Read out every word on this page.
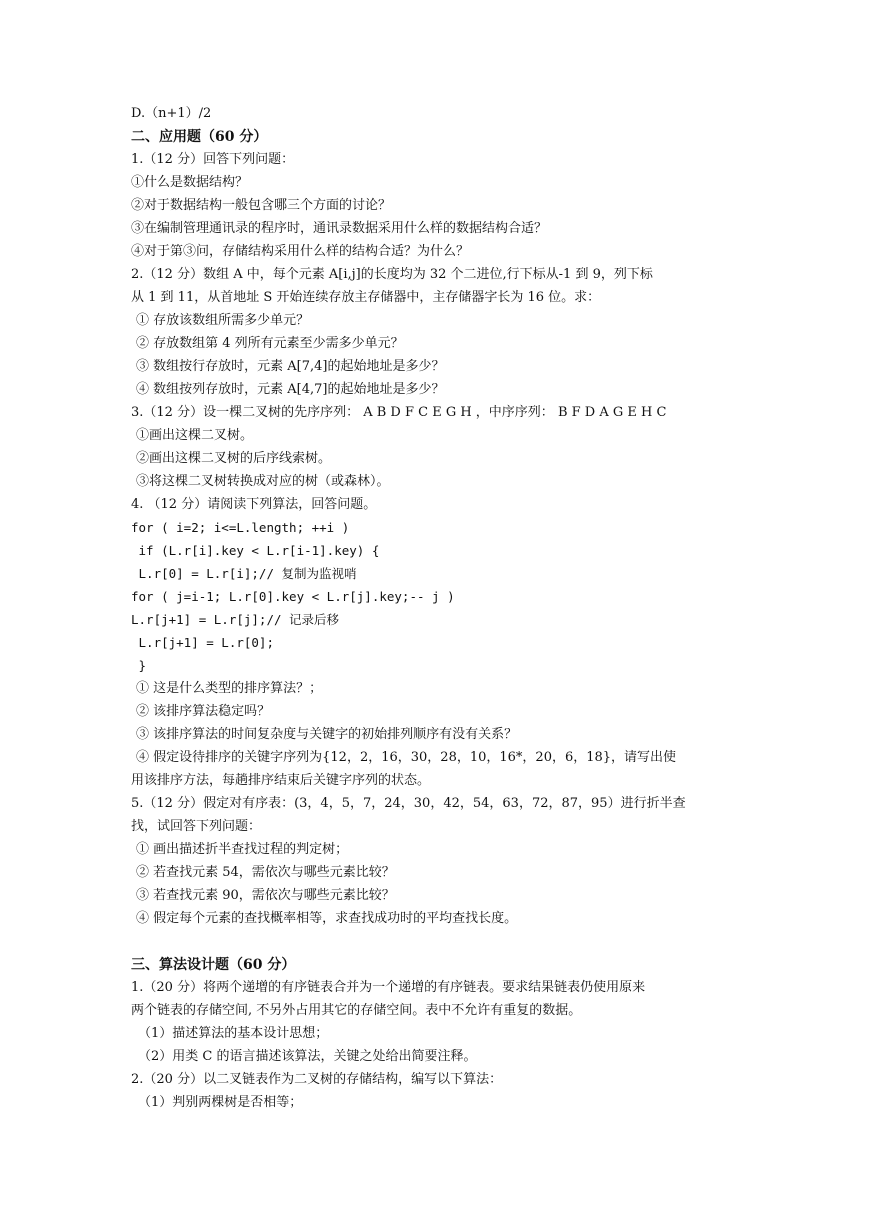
D.（n+1）/2
二、应用题（60 分）
1.（12 分）回答下列问题：
①什么是数据结构？
②对于数据结构一般包含哪三个方面的讨论？
③在编制管理通讯录的程序时，通讯录数据采用什么样的数据结构合适？
④对于第③问，存储结构采用什么样的结构合适？为什么？
2.（12 分）数组 A 中，每个元素 A[i,j]的长度均为 32 个二进位,行下标从-1 到 9，列下标
从 1 到 11，从首地址 S 开始连续存放主存储器中，主存储器字长为 16 位。求：
① 存放该数组所需多少单元？
② 存放数组第 4 列所有元素至少需多少单元？
③ 数组按行存放时，元素 A[7,4]的起始地址是多少？
④ 数组按列存放时，元素 A[4,7]的起始地址是多少？
3.（12 分）设一棵二叉树的先序序列： A B D F C E G H ，中序序列： B F D A G E H C
①画出这棵二叉树。
②画出这棵二叉树的后序线索树。
③将这棵二叉树转换成对应的树（或森林）。
4. （12 分）请阅读下列算法，回答问题。
for ( i=2; i<=L.length; ++i )
if (L.r[i].key < L.r[i-1].key) {
L.r[0] = L.r[i];// 复制为监视哨
for ( j=i-1; L.r[0].key < L.r[j].key;-- j )
L.r[j+1] = L.r[j];// 记录后移
L.r[j+1] = L.r[0];
}
① 这是什么类型的排序算法？；
② 该排序算法稳定吗？
③ 该排序算法的时间复杂度与关键字的初始排列顺序有没有关系？
④ 假定设待排序的关键字序列为{12，2，16，30，28，10，16*，20，6，18}，请写出使
用该排序方法，每趟排序结束后关键字序列的状态。
5.（12 分）假定对有序表：(3，4，5，7，24，30，42，54，63，72，87，95）进行折半查
找，试回答下列问题：
① 画出描述折半查找过程的判定树；
② 若查找元素 54，需依次与哪些元素比较？
③ 若查找元素 90，需依次与哪些元素比较？
④ 假定每个元素的查找概率相等，求查找成功时的平均查找长度。
三、算法设计题（60 分）
1.（20 分）将两个递增的有序链表合并为一个递增的有序链表。要求结果链表仍使用原来
两个链表的存储空间, 不另外占用其它的存储空间。表中不允许有重复的数据。
（1）描述算法的基本设计思想；
（2）用类 C 的语言描述该算法，关键之处给出简要注释。
2.（20 分）以二叉链表作为二叉树的存储结构，编写以下算法：
（1）判别两棵树是否相等；
